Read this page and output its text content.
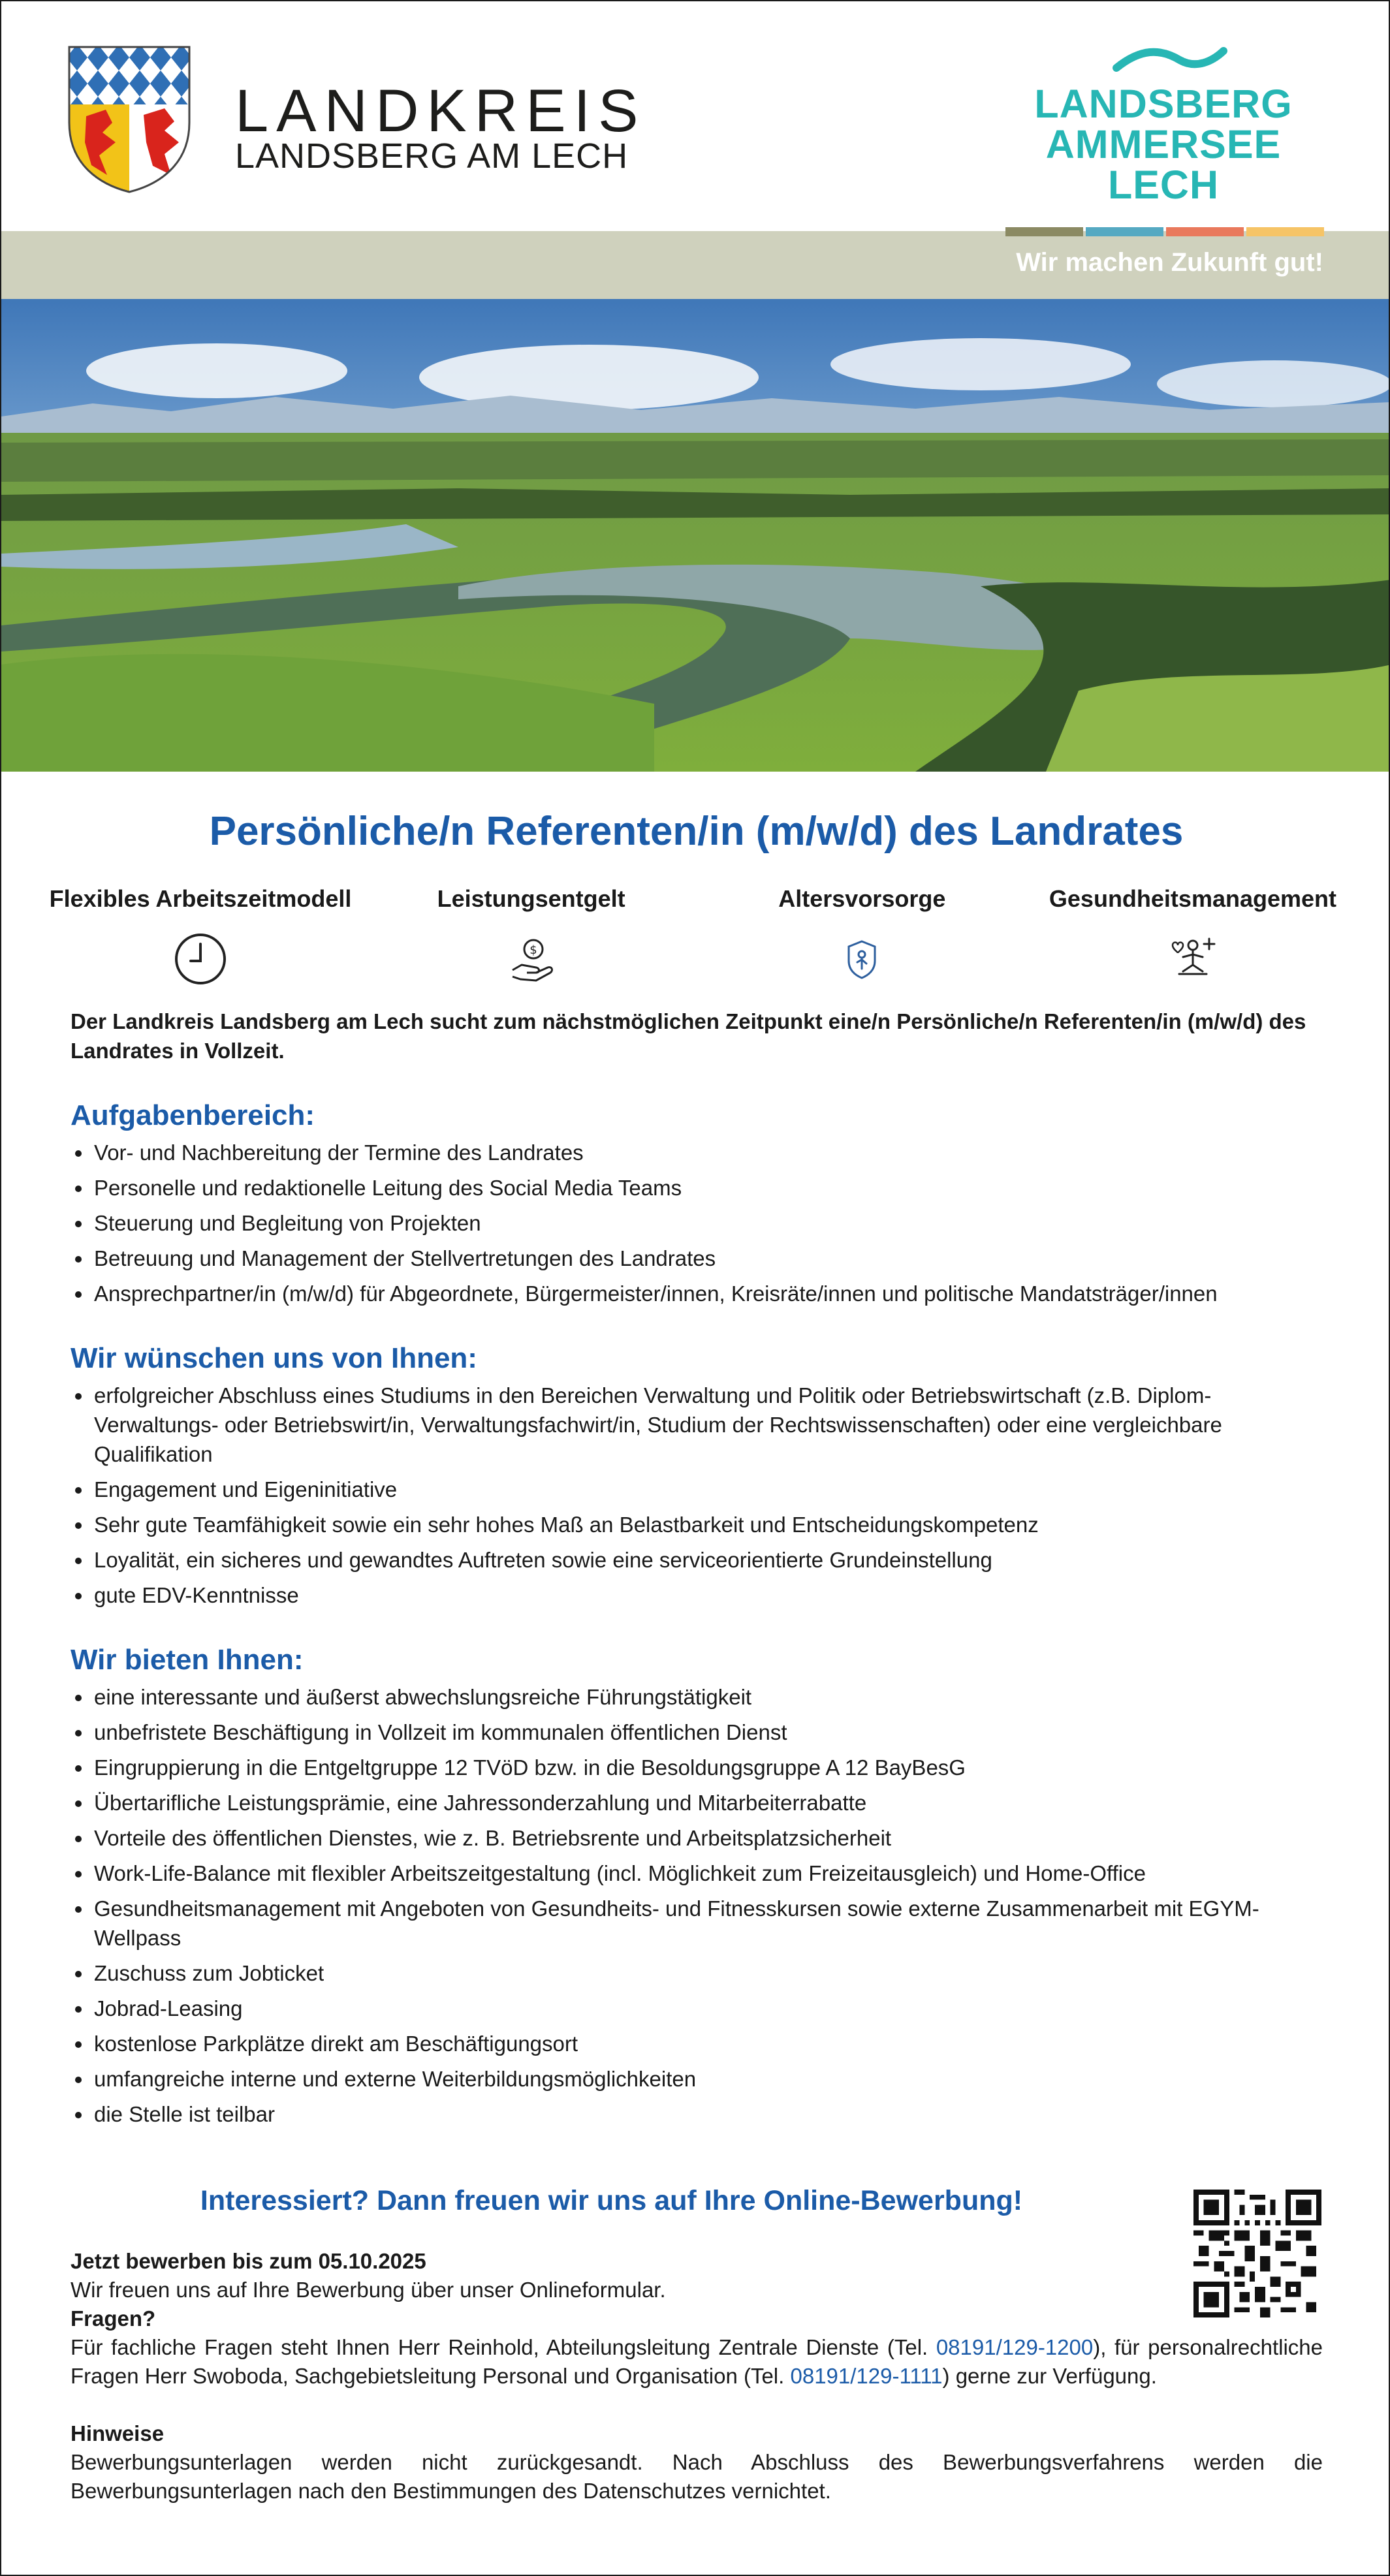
LANDKREIS
LANDSBERG AM LECH
LANDSBERG
AMMERSEE
LECH
Wir machen Zukunft gut!
Persönliche/n Referenten/in (m/w/d) des Landrates
Flexibles Arbeitszeitmodell	Leistungsentgelt
$
Altersvorsorge	Gesundheitsmanagement

Der Landkreis Landsberg am Lech sucht zum nächstmöglichen Zeitpunkt eine/n Persönliche/n Referenten/in (m/w/d) des Landrates in Vollzeit.

Aufgabenbereich:
• Vor- und Nachbereitung der Termine des Landrates
• Personelle und redaktionelle Leitung des Social Media Teams
• Steuerung und Begleitung von Projekten
• Betreuung und Management der Stellvertretungen des Landrates
• Ansprechpartner/in (m/w/d) für Abgeordnete, Bürgermeister/innen, Kreisräte/innen und politische Mandatsträger/innen
Wir wünschen uns von Ihnen:
• erfolgreicher Abschluss eines Studiums in den Bereichen Verwaltung und Politik oder Betriebswirtschaft (z.B. Diplom-Verwaltungs- oder Betriebswirt/in, Verwaltungsfachwirt/in, Studium der Rechtswissenschaften) oder eine vergleichbare Qualifikation
• Engagement und Eigeninitiative
• Sehr gute Teamfähigkeit sowie ein sehr hohes Maß an Belastbarkeit und Entscheidungskompetenz
• Loyalität, ein sicheres und gewandtes Auftreten sowie eine serviceorientierte Grundeinstellung
• gute EDV-Kenntnisse
Wir bieten Ihnen:
• eine interessante und äußerst abwechslungsreiche Führungstätigkeit
• unbefristete Beschäftigung in Vollzeit im kommunalen öffentlichen Dienst
• Eingruppierung in die Entgeltgruppe 12 TVöD bzw. in die Besoldungsgruppe A 12 BayBesG
• Übertarifliche Leistungsprämie, eine Jahressonderzahlung und Mitarbeiterrabatte
• Vorteile des öffentlichen Dienstes, wie z. B. Betriebsrente und Arbeitsplatzsicherheit
• Work-Life-Balance mit flexibler Arbeitszeitgestaltung (incl. Möglichkeit zum Freizeitausgleich) und Home-Office
• Gesundheitsmanagement mit Angeboten von Gesundheits- und Fitnesskursen sowie externe Zusammenarbeit mit EGYM-Wellpass
• Zuschuss zum Jobticket
• Jobrad-Leasing
• kostenlose Parkplätze direkt am Beschäftigungsort
• umfangreiche interne und externe Weiterbildungsmöglichkeiten
• die Stelle ist teilbar
Interessiert? Dann freuen wir uns auf Ihre Online-Bewerbung!

Jetzt bewerben bis zum 05.10.2025

Wir freuen uns auf Ihre Bewerbung über unser Onlineformular.

Fragen?

Für fachliche Fragen steht Ihnen Herr Reinhold, Abteilungsleitung Zentrale Dienste (Tel. 08191/129-1200), für personalrechtliche Fragen Herr Swoboda, Sachgebietsleitung Personal und Organisation (Tel. 08191/129-1111) gerne zur Verfügung.

Hinweise

Bewerbungsunterlagen werden nicht zurückgesandt. Nach Abschluss des Bewerbungsverfahrens werden die Bewerbungsunterlagen nach den Bestimmungen des Datenschutzes vernichtet.
